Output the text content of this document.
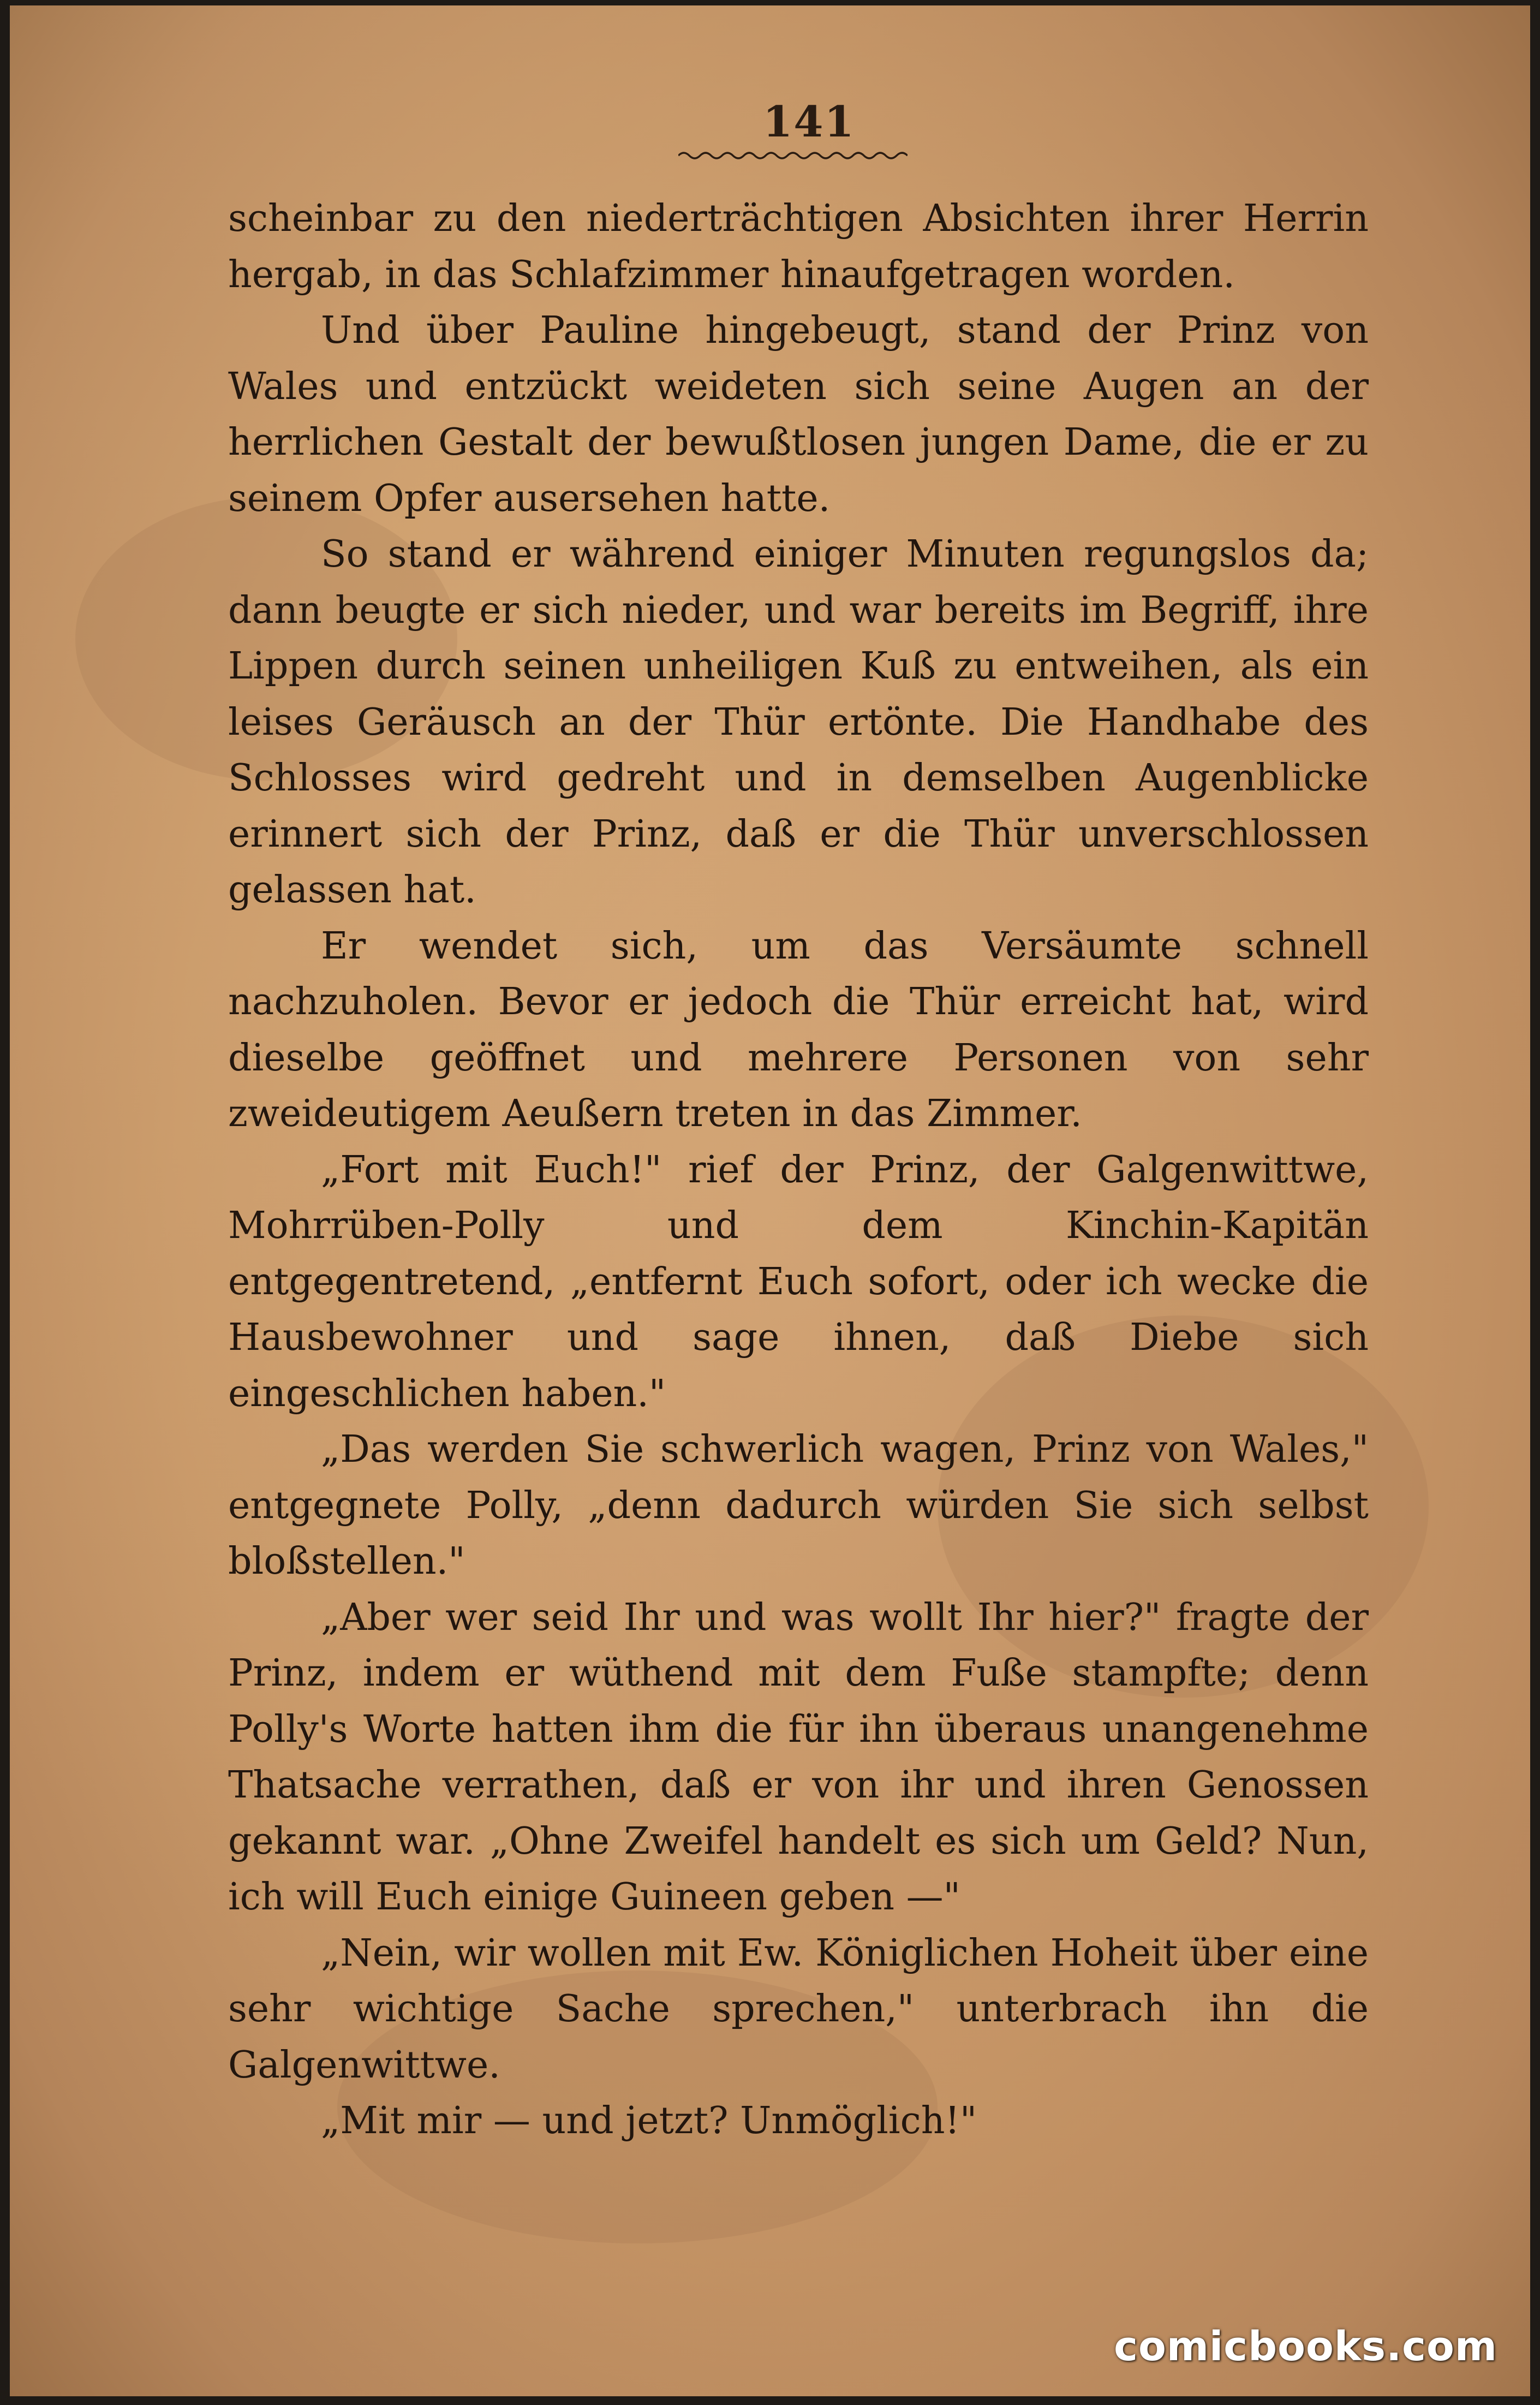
141

scheinbar zu den niederträchtigen Absichten ihrer Herrin hergab, in das Schlafzimmer hinaufgetragen worden.

Und über Pauline hingebeugt, stand der Prinz von Wales und entzückt weideten sich seine Augen an der herrlichen Gestalt der bewußtlosen jungen Dame, die er zu seinem Opfer ausersehen hatte.

So stand er während einiger Minuten regungslos da; dann beugte er sich nieder, und war bereits im Begriff, ihre Lippen durch seinen unheiligen Kuß zu entweihen, als ein leises Geräusch an der Thür ertönte. Die Handhabe des Schlosses wird gedreht und in demselben Augenblicke erinnert sich der Prinz, daß er die Thür unverschlossen gelassen hat.

Er wendet sich, um das Versäumte schnell nachzuholen. Bevor er jedoch die Thür erreicht hat, wird dieselbe geöffnet und mehrere Personen von sehr zweideutigem Aeußern treten in das Zimmer.

„Fort mit Euch!" rief der Prinz, der Galgenwittwe, Mohrrüben-Polly und dem Kinchin-Kapitän entgegentretend, „entfernt Euch sofort, oder ich wecke die Hausbewohner und sage ihnen, daß Diebe sich eingeschlichen haben."

„Das werden Sie schwerlich wagen, Prinz von Wales," entgegnete Polly, „denn dadurch würden Sie sich selbst bloßstellen."

„Aber wer seid Ihr und was wollt Ihr hier?" fragte der Prinz, indem er wüthend mit dem Fuße stampfte; denn Polly's Worte hatten ihm die für ihn überaus unangenehme Thatsache verrathen, daß er von ihr und ihren Genossen gekannt war. „Ohne Zweifel handelt es sich um Geld? Nun, ich will Euch einige Guineen geben —"

„Nein, wir wollen mit Ew. Königlichen Hoheit über eine sehr wichtige Sache sprechen," unterbrach ihn die Galgenwittwe.

„Mit mir — und jetzt? Unmöglich!"

comicbooks.com
